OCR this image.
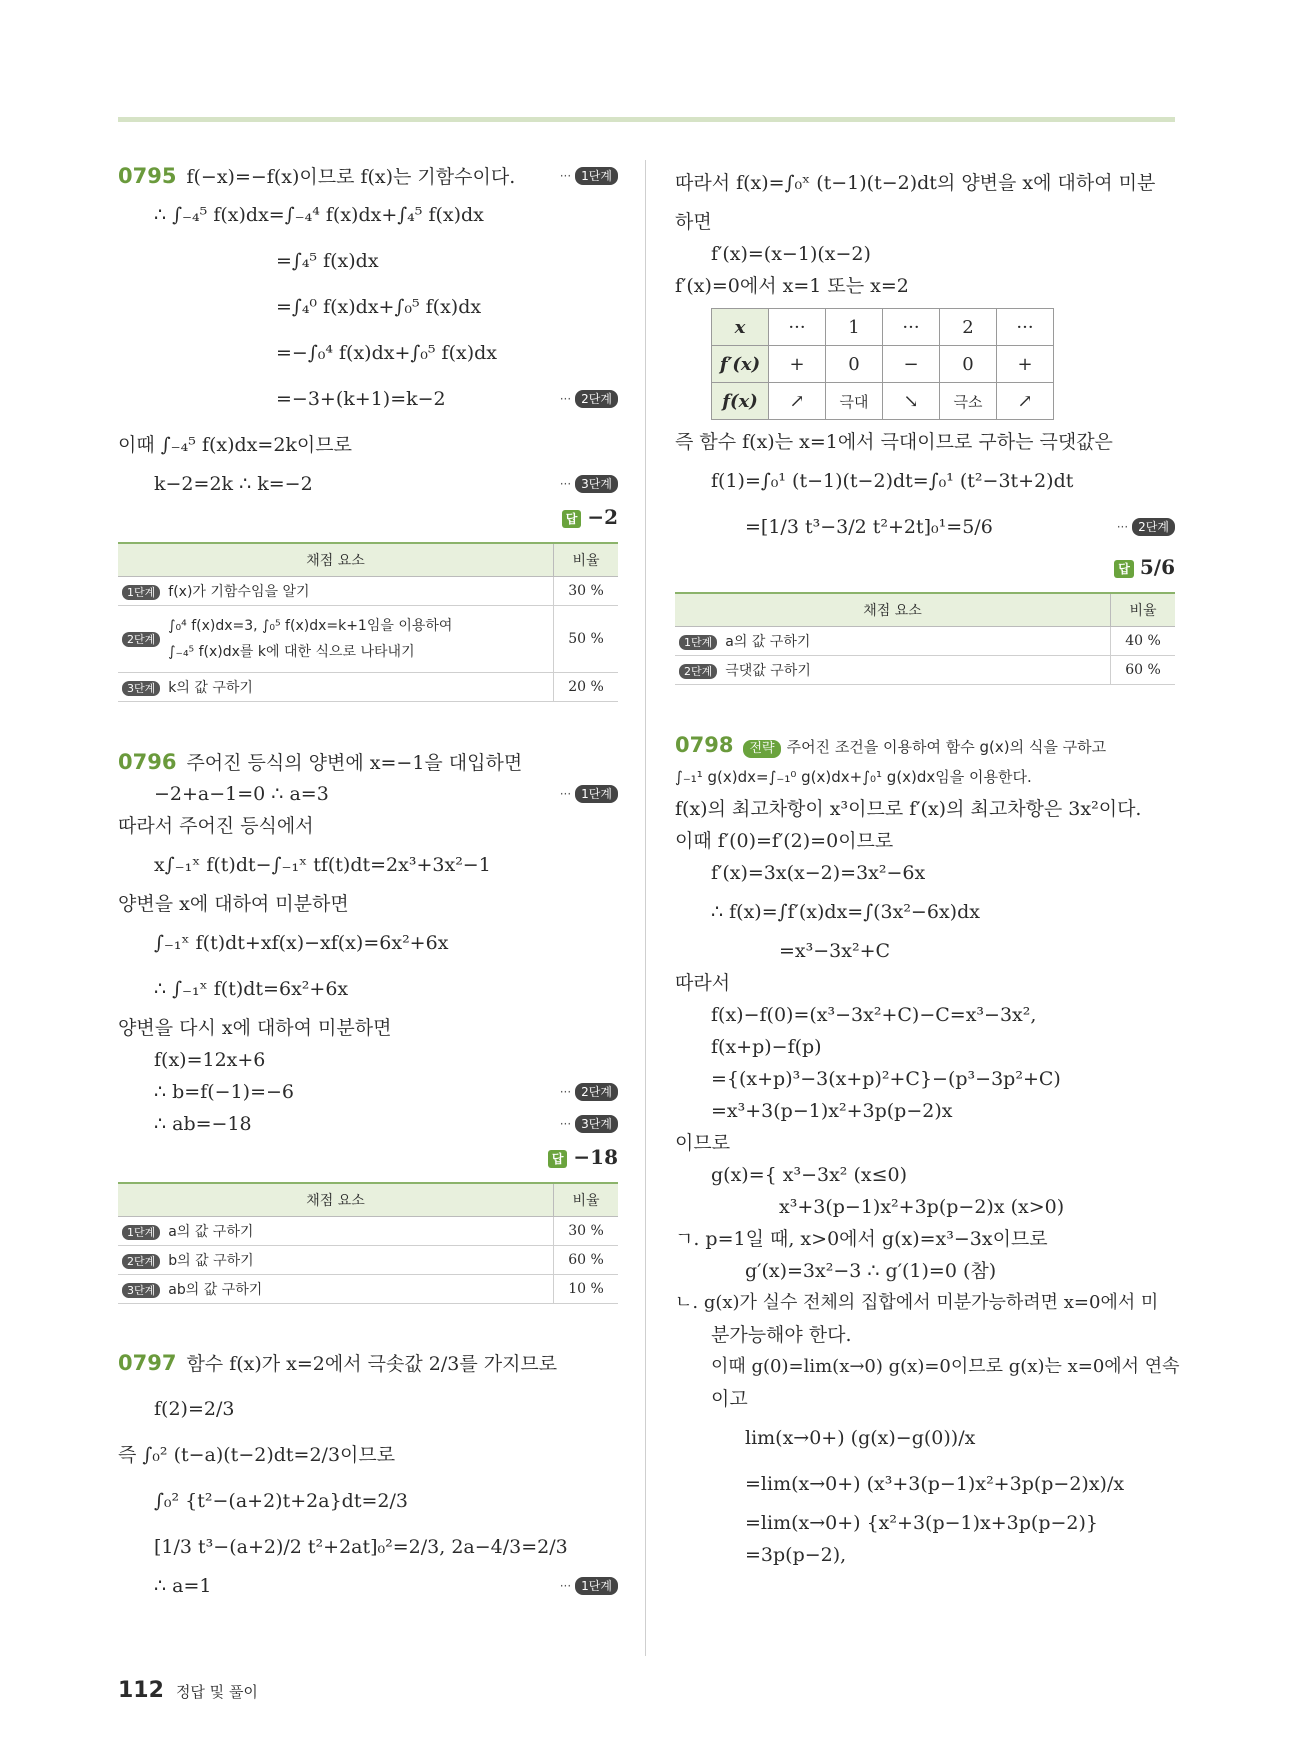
0795 f(−x)=−f(x)이므로 f(x)는 기함수이다.	··· 1단계
∴ ∫₋₄⁵ f(x)dx=∫₋₄⁴ f(x)dx+∫₄⁵ f(x)dx
=∫₄⁵ f(x)dx
=∫₄⁰ f(x)dx+∫₀⁵ f(x)dx
=−∫₀⁴ f(x)dx+∫₀⁵ f(x)dx
=−3+(k+1)=k−2	··· 2단계
이때 ∫₋₄⁵ f(x)dx=2k이므로
k−2=2k ∴ k=−2	··· 3단계
답 −2
채점 요소	비율
1단계 f(x)가 기함수임을 알기	30 %
2단계∫₀⁴ f(x)dx=3, ∫₀⁵ f(x)dx=k+1임을 이용하여
∫₋₄⁵ f(x)dx를 k에 대한 식으로 나타내기	50 %
3단계 k의 값 구하기	20 %
0796 주어진 등식의 양변에 x=−1을 대입하면
−2+a−1=0 ∴ a=3	··· 1단계
따라서 주어진 등식에서
x∫₋₁ˣ f(t)dt−∫₋₁ˣ tf(t)dt=2x³+3x²−1
양변을 x에 대하여 미분하면
∫₋₁ˣ f(t)dt+xf(x)−xf(x)=6x²+6x
∴ ∫₋₁ˣ f(t)dt=6x²+6x
양변을 다시 x에 대하여 미분하면
f(x)=12x+6
∴ b=f(−1)=−6	··· 2단계
∴ ab=−18	··· 3단계
답 −18
채점 요소	비율
1단계 a의 값 구하기	30 %
2단계 b의 값 구하기	60 %
3단계 ab의 값 구하기	10 %
0797 함수 f(x)가 x=2에서 극솟값 2/3를 가지므로
f(2)=2/3
즉 ∫₀² (t−a)(t−2)dt=2/3이므로
∫₀² {t²−(a+2)t+2a}dt=2/3
[1/3 t³−(a+2)/2 t²+2at]₀²=2/3, 2a−4/3=2/3
∴ a=1	··· 1단계
따라서 f(x)=∫₀ˣ (t−1)(t−2)dt의 양변을 x에 대하여 미분
하면
f′(x)=(x−1)(x−2)
f′(x)=0에서 x=1 또는 x=2
x	···	1	···	2	···
f′(x)	+	0	−	0	+
f(x)	↗	극대	↘	극소	↗
즉 함수 f(x)는 x=1에서 극대이므로 구하는 극댓값은
f(1)=∫₀¹ (t−1)(t−2)dt=∫₀¹ (t²−3t+2)dt
=[1/3 t³−3/2 t²+2t]₀¹=5/6	··· 2단계
답 5/6
채점 요소	비율
1단계 a의 값 구하기	40 %
2단계 극댓값 구하기	60 %
0798 전략 주어진 조건을 이용하여 함수 g(x)의 식을 구하고
∫₋₁¹ g(x)dx=∫₋₁⁰ g(x)dx+∫₀¹ g(x)dx임을 이용한다.
f(x)의 최고차항이 x³이므로 f′(x)의 최고차항은 3x²이다.
이때 f′(0)=f′(2)=0이므로
f′(x)=3x(x−2)=3x²−6x
∴ f(x)=∫f′(x)dx=∫(3x²−6x)dx
=x³−3x²+C
따라서
f(x)−f(0)=(x³−3x²+C)−C=x³−3x²,
f(x+p)−f(p)
={(x+p)³−3(x+p)²+C}−(p³−3p²+C)
=x³+3(p−1)x²+3p(p−2)x
이므로
g(x)={ x³−3x² (x≤0)
x³+3(p−1)x²+3p(p−2)x (x>0)
ㄱ. p=1일 때, x>0에서 g(x)=x³−3x이므로
g′(x)=3x²−3 ∴ g′(1)=0 (참)
ㄴ. g(x)가 실수 전체의 집합에서 미분가능하려면 x=0에서 미
분가능해야 한다.
이때 g(0)=lim(x→0) g(x)=0이므로 g(x)는 x=0에서 연속
이고
lim(x→0+) (g(x)−g(0))/x
=lim(x→0+) (x³+3(p−1)x²+3p(p−2)x)/x
=lim(x→0+) {x²+3(p−1)x+3p(p−2)}
=3p(p−2),
112 정답 및 풀이
